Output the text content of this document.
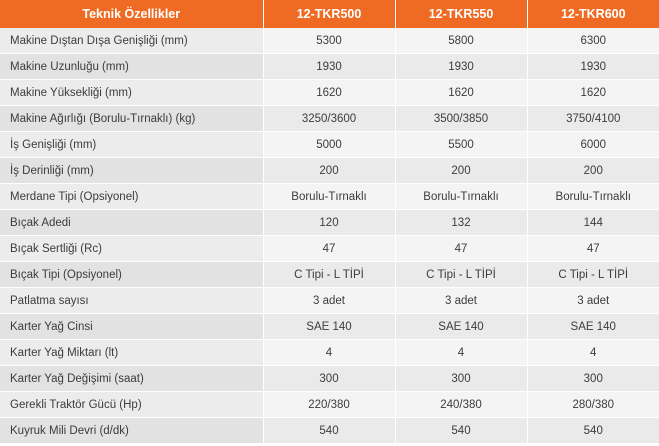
Teknik Özellikler	12-TKR500	12-TKR550	12-TKR600
Makine Dıştan Dışa Genişliği (mm)	5300	5800	6300
Makine Uzunluğu (mm)	1930	1930	1930
Makine Yüksekliği (mm)	1620	1620	1620
Makine Ağırlığı (Borulu-Tırnaklı) (kg)	3250/3600	3500/3850	3750/4100
İş Genişliği (mm)	5000	5500	6000
İş Derinliği (mm)	200	200	200
Merdane Tipi (Opsiyonel)	Borulu-Tırnaklı	Borulu-Tırnaklı	Borulu-Tırnaklı
Bıçak Adedi	120	132	144
Bıçak Sertliği (Rc)	47	47	47
Bıçak Tipi (Opsiyonel)	C Tipi - L TİPİ	C Tipi - L TİPİ	C Tipi - L TİPİ
Patlatma sayısı	3 adet	3 adet	3 adet
Karter Yağ Cinsi	SAE 140	SAE 140	SAE 140
Karter Yağ Miktarı (lt)	4	4	4
Karter Yağ Değişimi (saat)	300	300	300
Gerekli Traktör Gücü (Hp)	220/380	240/380	280/380
Kuyruk Mili Devri (d/dk)	540	540	540
